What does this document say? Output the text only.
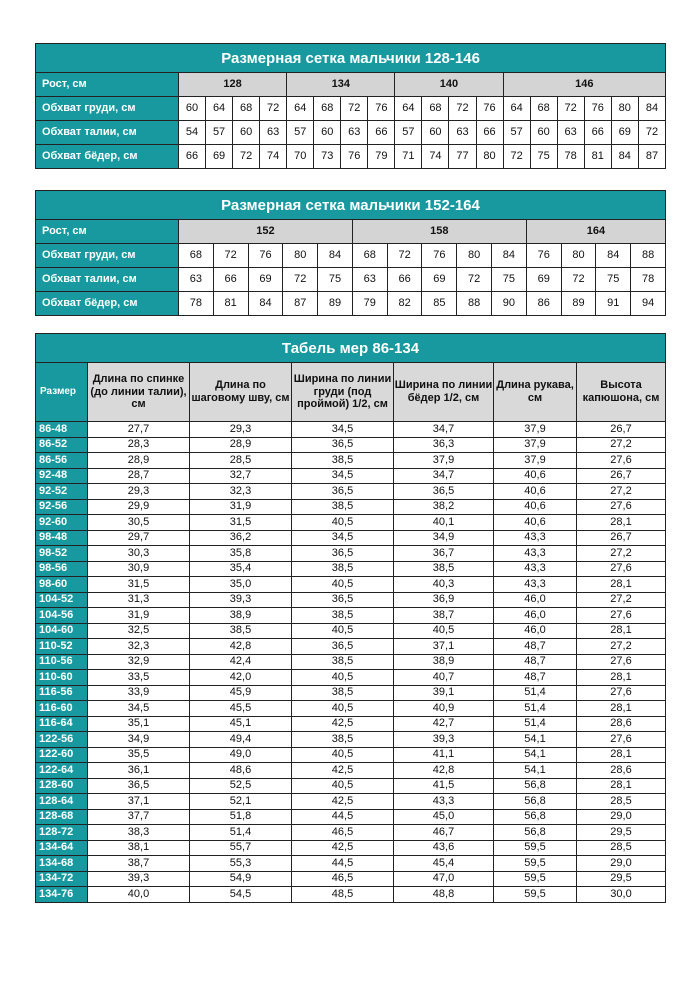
Размерная сетка мальчики 128-146																		
Рост, см	128				134				140				146					
Обхват груди, см	60	64	68	72	64	68	72	76	64	68	72	76	64	68	72	76	80	84
Обхват талии, см	54	57	60	63	57	60	63	66	57	60	63	66	57	60	63	66	69	72
Обхват бёдер, см	66	69	72	74	70	73	76	79	71	74	77	80	72	75	78	81	84	87
Размерная сетка мальчики 152-164														
Рост, см	152					158					164			
Обхват груди, см	68	72	76	80	84	68	72	76	80	84	76	80	84	88
Обхват талии, см	63	66	69	72	75	63	66	69	72	75	69	72	75	78
Обхват бёдер, см	78	81	84	87	89	79	82	85	88	90	86	89	91	94
Табель мер 86-134						
Размер	Длина по спинке (до линии талии), см	Длина по шаговому шву, см	Ширина по линии груди (под проймой) 1/2, см	Ширина по линии бёдер 1/2, см	Длина рукава, см	Высота капюшона, см
86-48	27,7	29,3	34,5	34,7	37,9	26,7
86-52	28,3	28,9	36,5	36,3	37,9	27,2
86-56	28,9	28,5	38,5	37,9	37,9	27,6
92-48	28,7	32,7	34,5	34,7	40,6	26,7
92-52	29,3	32,3	36,5	36,5	40,6	27,2
92-56	29,9	31,9	38,5	38,2	40,6	27,6
92-60	30,5	31,5	40,5	40,1	40,6	28,1
98-48	29,7	36,2	34,5	34,9	43,3	26,7
98-52	30,3	35,8	36,5	36,7	43,3	27,2
98-56	30,9	35,4	38,5	38,5	43,3	27,6
98-60	31,5	35,0	40,5	40,3	43,3	28,1
104-52	31,3	39,3	36,5	36,9	46,0	27,2
104-56	31,9	38,9	38,5	38,7	46,0	27,6
104-60	32,5	38,5	40,5	40,5	46,0	28,1
110-52	32,3	42,8	36,5	37,1	48,7	27,2
110-56	32,9	42,4	38,5	38,9	48,7	27,6
110-60	33,5	42,0	40,5	40,7	48,7	28,1
116-56	33,9	45,9	38,5	39,1	51,4	27,6
116-60	34,5	45,5	40,5	40,9	51,4	28,1
116-64	35,1	45,1	42,5	42,7	51,4	28,6
122-56	34,9	49,4	38,5	39,3	54,1	27,6
122-60	35,5	49,0	40,5	41,1	54,1	28,1
122-64	36,1	48,6	42,5	42,8	54,1	28,6
128-60	36,5	52,5	40,5	41,5	56,8	28,1
128-64	37,1	52,1	42,5	43,3	56,8	28,5
128-68	37,7	51,8	44,5	45,0	56,8	29,0
128-72	38,3	51,4	46,5	46,7	56,8	29,5
134-64	38,1	55,7	42,5	43,6	59,5	28,5
134-68	38,7	55,3	44,5	45,4	59,5	29,0
134-72	39,3	54,9	46,5	47,0	59,5	29,5
134-76	40,0	54,5	48,5	48,8	59,5	30,0
